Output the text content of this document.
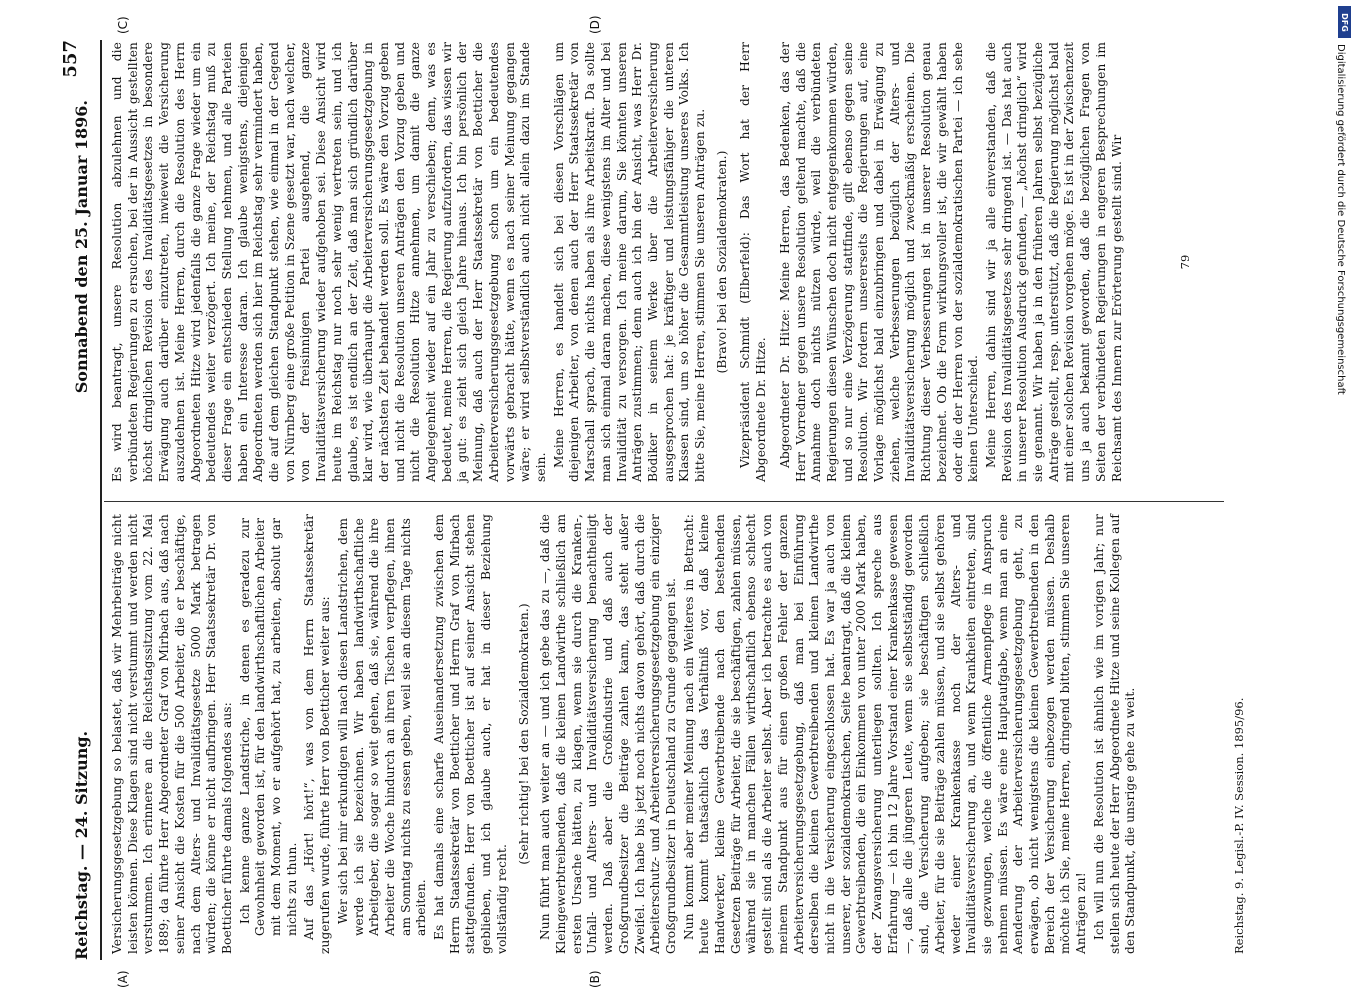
Reichstag. — 24. Sitzung.
Sonnabend den 25. Januar 1896.
557
(A)	(B)
(C)	(D)

Versicherungsgesetzgebung so belastet, daß wir Mehrbeiträge nicht leisten können. Diese Klagen sind nicht verstummt und werden nicht verstummen. Ich erinnere an die Reichstagssitzung vom 22. Mai 1889; da führte Herr Abgeordneter Graf von Mirbach aus, daß nach seiner Ansicht die Kosten für die 500 Arbeiter, die er beschäftige, nach dem Alters- und Invaliditätsgesetze 5000 Mark betragen würden; die könne er nicht aufbringen. Herr Staatssekretär Dr. von Boetticher führte damals folgendes aus: Ich kenne ganze Landstriche, in denen es geradezu zur Gewohnheit geworden ist, für den landwirthschaftlichen Arbeiter mit dem Moment, wo er aufgehört hat, zu arbeiten, absolut gar nichts zu thun. Auf das „Hört! hört!“, was von dem Herrn Staatssekretär zugerufen wurde, führte Herr von Boetticher weiter aus: Wer sich bei mir erkundigen will nach diesen Landstrichen, dem werde ich sie bezeichnen. Wir haben landwirthschaftliche Arbeitgeber, die sogar so weit gehen, daß sie, während die ihre Arbeiter die Woche hindurch an ihren Tischen verpflegen, ihnen am Sonntag nichts zu essen geben, weil sie an diesem Tage nichts arbeiten. Es hat damals eine scharfe Auseinandersetzung zwischen dem Herrn Staatssekretär von Boetticher und Herrn Graf von Mirbach stattgefunden. Herr von Boetticher ist auf seiner Ansicht stehen geblieben, und ich glaube auch, er hat in dieser Beziehung vollständig recht.

(Sehr richtig! bei den Sozialdemokraten.) Nun führt man auch weiter an — und ich gebe das zu —, daß die Kleingewerbtreibenden, daß die kleinen Landwirthe schließlich am ersten Ursache hätten, zu klagen, wenn sie durch die Kranken-, Unfall- und Alters- und Invaliditätsversicherung benachtheiligt werden. Daß aber die Großindustrie und daß auch der Großgrundbesitzer die Beiträge zahlen kann, das steht außer Zweifel. Ich habe bis jetzt noch nichts davon gehört, daß durch die Arbeiterschutz- und Arbeiterversicherungsgesetzgebung ein einziger Großgrundbesitzer in Deutschland zu Grunde gegangen ist. Nun kommt aber meiner Meinung nach ein Weiteres in Betracht: heute kommt thatsächlich das Verhältniß vor, daß kleine Handwerker, kleine Gewerbtreibende nach den bestehenden Gesetzen Beiträge für Arbeiter, die sie beschäftigen, zahlen müssen, während sie in manchen Fällen wirthschaftlich ebenso schlecht gestellt sind als die Arbeiter selbst. Aber ich betrachte es auch von meinem Standpunkt aus für einen großen Fehler der ganzen Arbeiterversicherungsgesetzgebung, daß man bei Einführung derselben die kleinen Gewerbtreibenden und kleinen Landwirthe nicht in die Versicherung eingeschlossen hat. Es war ja auch von unserer, der sozialdemokratischen, Seite beantragt, daß die kleinen Gewerbtreibenden, die ein Einkommen von unter 2000 Mark haben, der Zwangsversicherung unterliegen sollten. Ich spreche aus Erfahrung — ich bin 12 Jahre Vorstand einer Krankenkasse gewesen —, daß alle die jüngeren Leute, wenn sie selbstständig geworden sind, die Versicherung aufgeben; sie beschäftigen schließlich Arbeiter, für die sie Beiträge zahlen müssen, und sie selbst gehören weder einer Krankenkasse noch der Alters- und Invaliditätsversicherung an, und wenn Krankheiten eintreten, sind sie gezwungen, welche die öffentliche Armenpflege in Anspruch nehmen müssen. Es wäre eine Hauptaufgabe, wenn man an eine Aenderung der Arbeiterversicherungsgesetzgebung geht, zu erwägen, ob nicht wenigstens die kleinen Gewerbtreibenden in den Bereich der Versicherung einbezogen werden müssen. Deshalb möchte ich Sie, meine Herren, dringend bitten, stimmen Sie unseren Anträgen zu! Ich will nun die Resolution ist ähnlich wie im vorigen Jahr; nur stellen sich heute der Herr Abgeordnete Hitze und seine Kollegen auf den Standpunkt, die unsrige gehe zu weit.

Es wird beantragt, unsere Resolution abzulehnen und die verbündeten Regierungen zu ersuchen, bei der in Aussicht gestellten höchst dringlichen Revision des Invaliditätsgesetzes in besondere Erwägung auch darüber einzutreten, inwieweit die Versicherung auszudehnen ist. Meine Herren, durch die Resolution des Herrn Abgeordneten Hitze wird jedenfalls die ganze Frage wieder um ein bedeutendes weiter verzögert. Ich meine, der Reichstag muß zu dieser Frage ein entschieden Stellung nehmen, und alle Parteien haben ein Interesse daran. Ich glaube wenigstens, diejenigen Abgeordneten werden sich hier im Reichstag sehr vermindert haben, die auf dem gleichen Standpunkt stehen, wie einmal in der Gegend von Nürnberg eine große Petition in Szene gesetzt war, nach welcher, von der freisinnigen Partei ausgehend, die ganze Invaliditätsversicherung wieder aufgehoben sei. Diese Ansicht wird heute im Reichstag nur noch sehr wenig vertreten sein, und ich glaube, es ist endlich an der Zeit, daß man sich gründlich darüber klar wird, wie überhaupt die Arbeiterversicherungsgesetzgebung in der nächsten Zeit behandelt werden soll. Es wäre den Vorzug geben und nicht die Resolution unseren Anträgen den Vorzug geben und nicht die Resolution Hitze annehmen, um damit die ganze Angelegenheit wieder auf ein Jahr zu verschieben; denn, was es bedeutet, meine Herren, die Regierung aufzufordern, das wissen wir ja gut: es zieht sich gleich Jahre hinaus. Ich bin persönlich der Meinung, daß auch der Herr Staatssekretär von Boetticher die Arbeiterversicherungsgesetzgebung schon um ein bedeutendes vorwärts gebracht hätte, wenn es nach seiner Meinung gegangen wäre; er wird selbstverständlich auch nicht allein dazu im Stande sein. Meine Herren, es handelt sich bei diesen Vorschlägen um diejenigen Arbeiter, von denen auch der Herr Staatssekretär von Marschall sprach, die nichts haben als ihre Arbeitskraft. Da sollte man sich einmal daran machen, diese wenigstens im Alter und bei Invalidität zu versorgen. Ich meine darum, Sie könnten unseren Anträgen zustimmen; denn auch ich bin der Ansicht, was Herr Dr. Bödiker in seinem Werke über die Arbeiterversicherung ausgesprochen hat: je kräftiger und leistungsfähiger die unteren Klassen sind, um so höher die Gesammtleistung unseres Volks. Ich bitte Sie, meine Herren, stimmen Sie unseren Anträgen zu. (Bravo! bei den Sozialdemokraten.) Vizepräsident Schmidt (Elberfeld): Das Wort hat der Herr Abgeordnete Dr. Hitze. Abgeordneter Dr. Hitze: Meine Herren, das Bedenken, das der Herr Vorredner gegen unsere Resolution geltend machte, daß die Annahme doch nichts nützen würde, weil die verbündeten Regierungen diesen Wünschen doch nicht entgegenkommen würden, und so nur eine Verzögerung stattfinde, gilt ebenso gegen seine Resolution. Wir fordern unsererseits die Regierungen auf, eine Vorlage möglichst bald einzubringen und dabei in Erwägung zu ziehen, welche Verbesserungen bezüglich der Alters- und Invaliditätsversicherung möglich und zweckmäßig erscheinen. Die Richtung dieser Verbesserungen ist in unserer Resolution genau bezeichnet. Ob die Form wirkungsvoller ist, die wir gewählt haben oder die der Herren von der sozialdemokratischen Partei — ich sehe keinen Unterschied. Meine Herren, dahin sind wir ja alle einverstanden, daß die Revision des Invaliditätsgesetzes sehr dringend ist. — Das hat auch in unserer Resolution Ausdruck gefunden, — „höchst dringlich“ wird sie genannt. Wir haben ja in den früheren Jahren selbst bezügliche Anträge gestellt, resp. unterstützt, daß die Regierung möglichst bald mit einer solchen Revision vorgehen möge. Es ist in der Zwischenzeit uns ja auch bekannt geworden, daß die bezüglichen Fragen von Seiten der verbündeten Regierungen in engeren Besprechungen im Reichsamt des Innern zur Erörterung gestellt sind. Wir	79
Reichstag. 9. Legisl.-P. IV. Session. 1895/96.
DFG
Digitalisierung gefördert durch die Deutsche Forschungsgemeinschaft
